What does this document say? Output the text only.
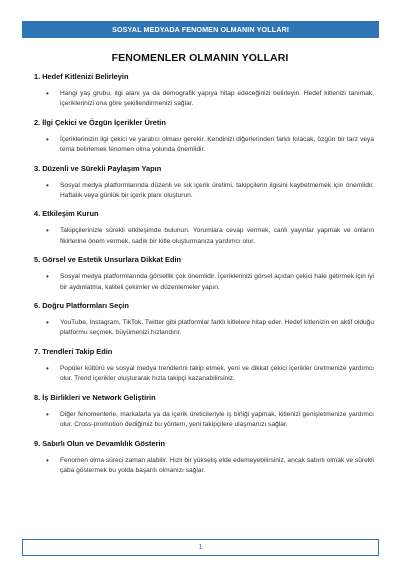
SOSYAL MEDYADA FENOMEN OLMANIN YOLLARI
FENOMENLER OLMANIN YOLLARI
1. Hedef Kitlenizi Belirleyin
• Hangi yaş grubu, ilgi alanı ya da demografik yapıya hitap edeceğinizi belirleyin. Hedef kitlenizi tanımak, içeriklerinizi ona göre şekillendirmenizi sağlar.
2. İlgi Çekici ve Özgün İçerikler Üretin
• İçeriklerinizin ilgi çekici ve yaratıcı olması gerekir. Kendinizi diğerlerinden farklı kılacak, özgün bir tarz veya tema belirlemek fenomen olma yolunda önemlidir.
3. Düzenli ve Sürekli Paylaşım Yapın
• Sosyal medya platformlarında düzenli ve sık içerik üretimi, takipçilerin ilgisini kaybetmemek için önemlidir. Haftalık veya günlük bir içerik planı oluşturun.
4. Etkileşim Kurun
• Takipçilerinizle sürekli etkileşimde bulunun. Yorumlara cevap vermek, canlı yayınlar yapmak ve onların fikirlerine önem vermek, sadık bir kitle oluşturmanıza yardımcı olur.
5. Görsel ve Estetik Unsurlara Dikkat Edin
• Sosyal medya platformlarında görsellik çok önemlidir. İçeriklerinizi görsel açıdan çekici hale getirmek için iyi bir aydınlatma, kaliteli çekimler ve düzenlemeler yapın.
6. Doğru Platformları Seçin
• YouTube, Instagram, TikTok, Twitter gibi platformlar farklı kitlelere hitap eder. Hedef kitlenizin en aktif olduğu platformu seçmek, büyümenizi hızlandırır.
7. Trendleri Takip Edin
• Popüler kültürü ve sosyal medya trendlerini takip etmek, yeni ve dikkat çekici içerikler üretmenize yardımcı olur. Trend içerikler oluşturarak hızla takipçi kazanabilirsiniz.
8. İş Birlikleri ve Network Geliştirin
• Diğer fenomenlerle, markalarla ya da içerik üreticileriyle iş birliği yapmak, kitlenizi genişletmenize yardımcı olur. Cross-promotion dediğimiz bu yöntem, yeni takipçilere ulaşmanızı sağlar.
9. Sabırlı Olun ve Devamlılık Gösterin
• Fenomen olma süreci zaman alabilir. Hızlı bir yükseliş elde edemeyebilirsiniz, ancak sabırlı olmak ve sürekli çaba göstermek bu yolda başarılı olmanızı sağlar.
1
